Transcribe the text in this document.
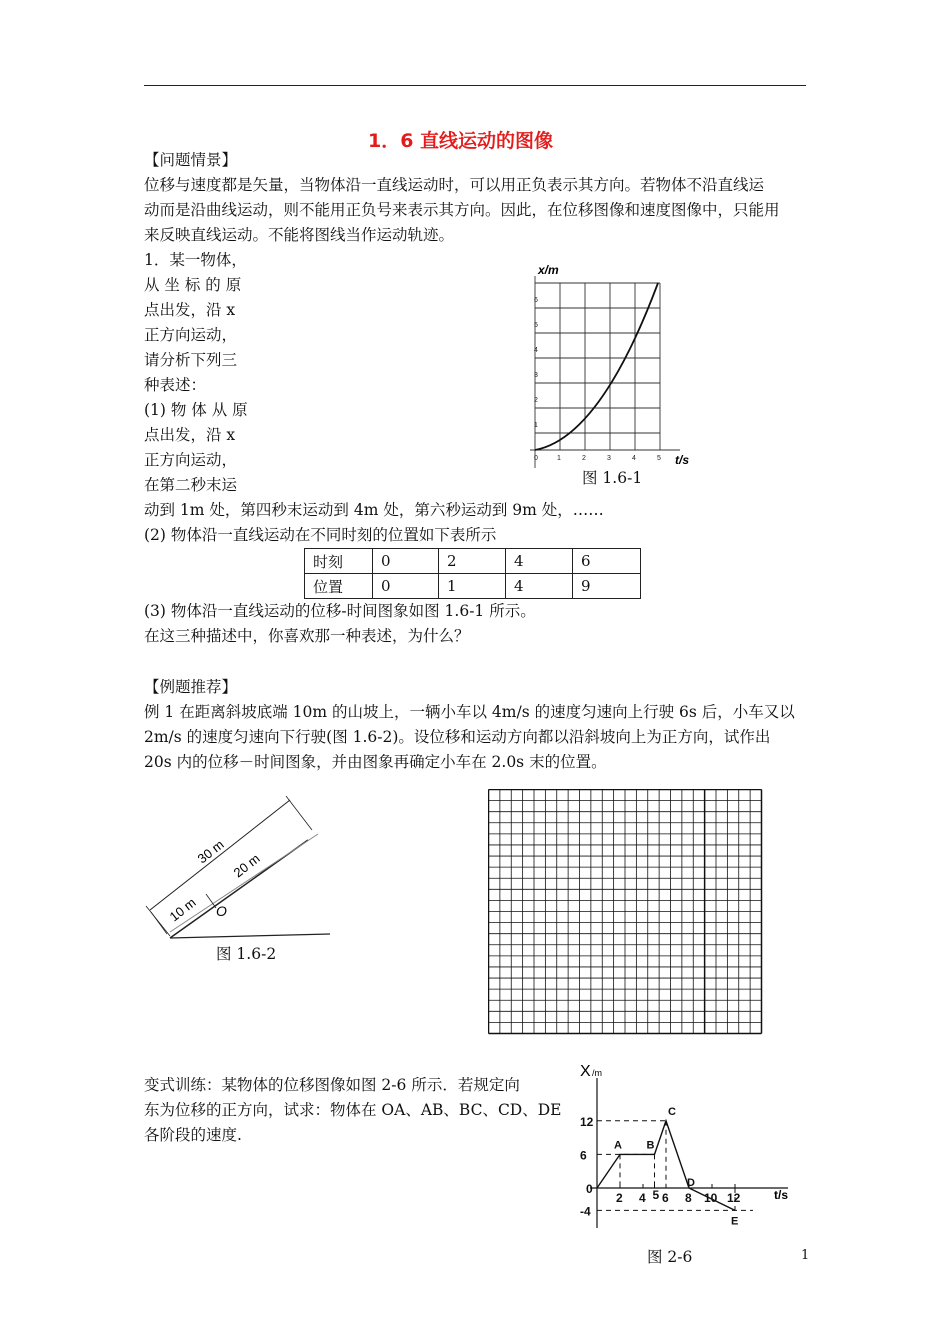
1．6 直线运动的图像
【问题情景】
位移与速度都是矢量，当物体沿一直线运动时，可以用正负表示其方向。若物体不沿直线运
动而是沿曲线运动，则不能用正负号来表示其方向。因此，在位移图像和速度图像中，只能用
来反映直线运动。不能将图线当作运动轨迹。
1．某一物体，
从 坐 标 的 原
点出发，沿 x
正方向运动，
请分析下列三
种表述：
(1) 物 体 从 原
点出发，沿 x
正方向运动，
在第二秒末运
动到 1m 处，第四秒末运动到 4m 处，第六秒运动到 9m 处，……
x/m
t/s
0	1	2	3	4	5
1
2
3
4
5
6
图 1.6-1
(2) 物体沿一直线运动在不同时刻的位置如下表所示
时刻	0	2	4	6
位置	0	1	4	9
(3) 物体沿一直线运动的位移-时间图象如图 1.6-1 所示。
在这三种描述中，你喜欢那一种表述，为什么？
【例题推荐】
例 1 在距离斜坡底端 10m 的山坡上，一辆小车以 4m/s 的速度匀速向上行驶 6s 后，小车又以
2m/s 的速度匀速向下行驶(图 1.6-2)。设位移和运动方向都以沿斜坡向上为正方向，试作出
20s 内的位移－时间图象，并由图象再确定小车在 2.0s 末的位置。
30 m 20 m
10 m O
图 1.6-2
变式训练：某物体的位移图像如图 2-6 所示．若规定向
东为位移的正方向，试求：物体在 OA、AB、BC、CD、DE
各阶段的速度.
X /m
t/s
2 4 5 6 8 10 12
12
6
0
-4
A B
C
D
E
图 2-6	1
